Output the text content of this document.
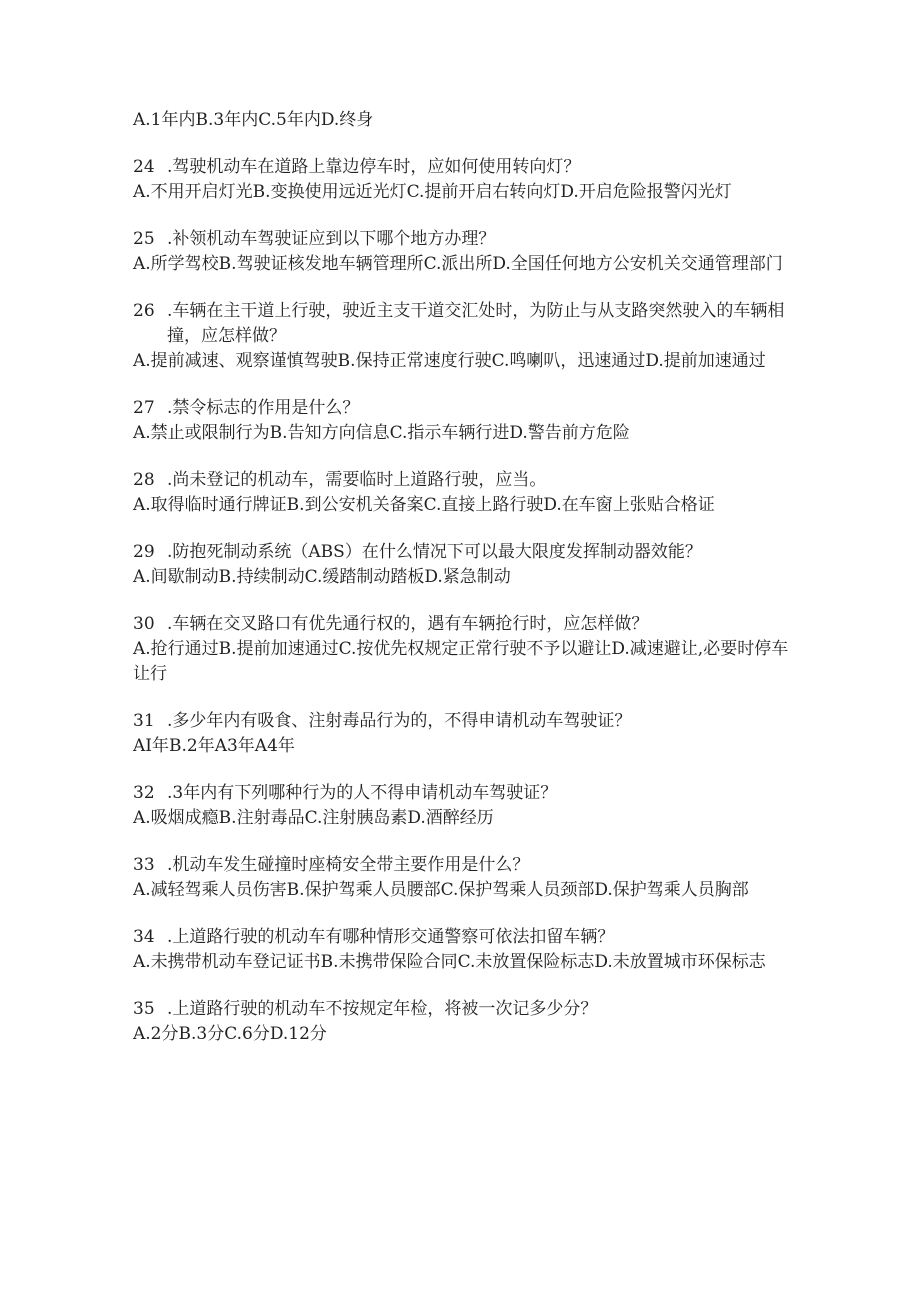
A.1年内B.3年内C.5年内D.终身
24 .驾驶机动车在道路上靠边停车时，应如何使用转向灯？
A.不用开启灯光B.变换使用远近光灯C.提前开启右转向灯D.开启危险报警闪光灯
25 .补领机动车驾驶证应到以下哪个地方办理？
A.所学驾校B.驾驶证核发地车辆管理所C.派出所D.全国任何地方公安机关交通管理部门
26 .车辆在主干道上行驶，驶近主支干道交汇处时，为防止与从支路突然驶入的车辆相撞，应怎样做？
A.提前减速、观察谨慎驾驶B.保持正常速度行驶C.鸣喇叭，迅速通过D.提前加速通过
27 .禁令标志的作用是什么？
A.禁止或限制行为B.告知方向信息C.指示车辆行进D.警告前方危险
28 .尚未登记的机动车，需要临时上道路行驶，应当。
A.取得临时通行牌证B.到公安机关备案C.直接上路行驶D.在车窗上张贴合格证
29 .防抱死制动系统（ABS）在什么情况下可以最大限度发挥制动器效能？
A.间歇制动B.持续制动C.缓踏制动踏板D.紧急制动
30 .车辆在交叉路口有优先通行权的，遇有车辆抢行时，应怎样做？
A.抢行通过B.提前加速通过C.按优先权规定正常行驶不予以避让D.减速避让,必要时停车让行
31 .多少年内有吸食、注射毒品行为的，不得申请机动车驾驶证？
AI年B.2年A3年A4年
32 .3年内有下列哪种行为的人不得申请机动车驾驶证？
A.吸烟成瘾B.注射毒品C.注射胰岛素D.酒醉经历
33 .机动车发生碰撞时座椅安全带主要作用是什么？
A.减轻驾乘人员伤害B.保护驾乘人员腰部C.保护驾乘人员颈部D.保护驾乘人员胸部
34 .上道路行驶的机动车有哪种情形交通警察可依法扣留车辆？
A.未携带机动车登记证书B.未携带保险合同C.未放置保险标志D.未放置城市环保标志
35 .上道路行驶的机动车不按规定年检，将被一次记多少分？
A.2分B.3分C.6分D.12分
